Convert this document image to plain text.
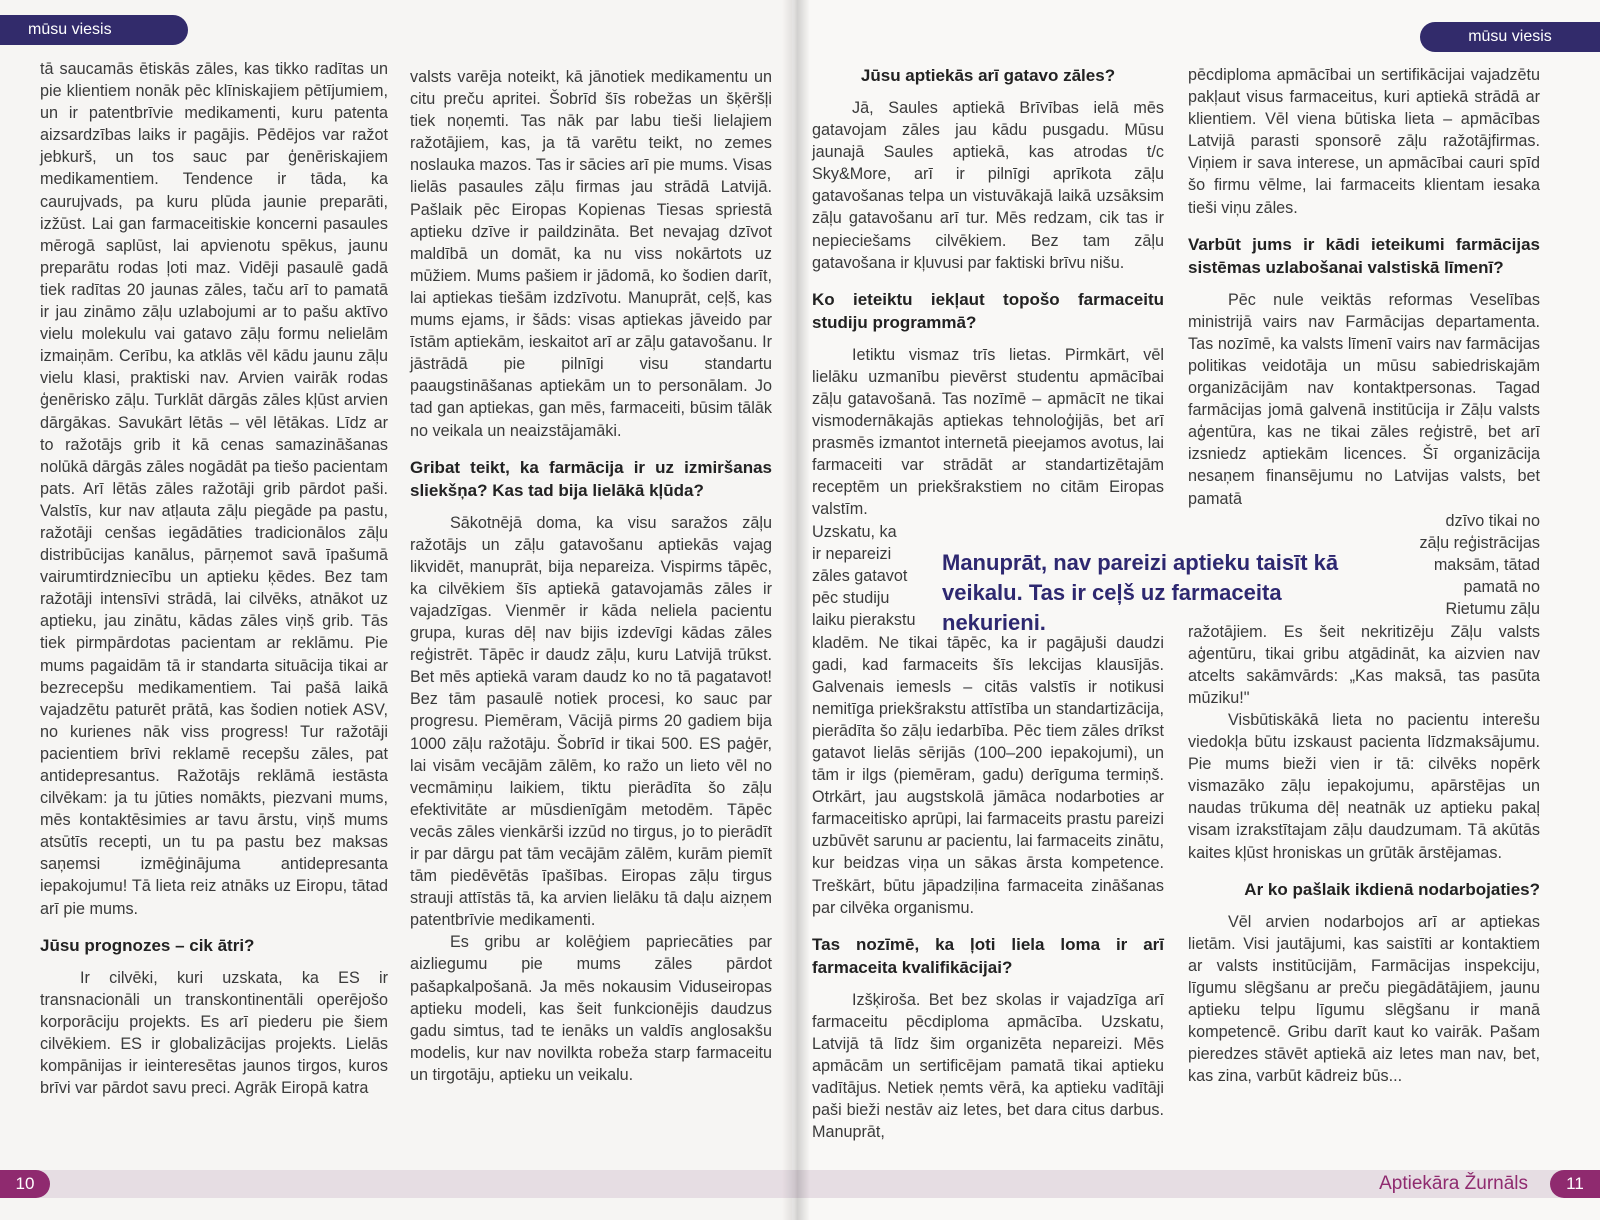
mūsu viesis

tā saucamās ētiskās zāles, kas tikko radītas un pie klientiem nonāk pēc klīniskajiem pētījumiem, un ir patentbrīvie medikamenti, kuru patenta aizsardzības laiks ir pagājis. Pēdējos var ražot jebkurš, un tos sauc par ģenēriskajiem medikamentiem. Tendence ir tāda, ka caurujvads, pa kuru plūda jaunie preparāti, izžūst. Lai gan farmaceitiskie koncerni pasaules mērogā saplūst, lai apvienotu spēkus, jaunu preparātu rodas ļoti maz. Vidēji pasaulē gadā tiek radītas 20 jaunas zāles, taču arī to pamatā ir jau zināmo zāļu uzlabojumi ar to pašu aktīvo vielu molekulu vai gatavo zāļu formu nelielām izmaiņām. Cerību, ka atklās vēl kādu jaunu zāļu vielu klasi, praktiski nav. Arvien vairāk rodas ģenērisko zāļu. Turklāt dārgās zāles kļūst arvien dārgākas. Savukārt lētās – vēl lētākas. Līdz ar to ražotājs grib it kā cenas samazināšanas nolūkā dārgās zāles nogādāt pa tiešo pacientam pats. Arī lētās zāles ražotāji grib pārdot paši. Valstīs, kur nav atļauta zāļu piegāde pa pastu, ražotāji cenšas iegādāties tradicionālos zāļu distribūcijas kanālus, pārņemot savā īpašumā vairumtirdzniecību un aptieku ķēdes. Bez tam ražotāji intensīvi strādā, lai cilvēks, atnākot uz aptieku, jau zinātu, kādas zāles viņš grib. Tās tiek pirmpārdotas pacientam ar reklāmu. Pie mums pagaidām tā ir standarta situācija tikai ar bezrecepšu medikamentiem. Tai pašā laikā vajadzētu paturēt prātā, kas šodien notiek ASV, no kurienes nāk viss progress! Tur ražotāji pacientiem brīvi reklamē recepšu zāles, pat antidepresantus. Ražotājs reklāmā iestāsta cilvēkam: ja tu jūties nomākts, piezvani mums, mēs kontaktēsimies ar tavu ārstu, viņš mums atsūtīs recepti, un tu pa pastu bez maksas saņemsi izmēģinājuma antidepresanta iepakojumu! Tā lieta reiz atnāks uz Eiropu, tātad arī pie mums.

Jūsu prognozes – cik ātri?

Ir cilvēki, kuri uzskata, ka ES ir transnacionāli un transkontinentāli operējošo korporāciju projekts. Es arī piederu pie šiem cilvēkiem. ES ir globalizācijas projekts. Lielās kompānijas ir ieinteresētas jaunos tirgos, kuros brīvi var pārdot savu preci. Agrāk Eiropā katra

valsts varēja noteikt, kā jānotiek medikamentu un citu preču apritei. Šobrīd šīs robežas un šķēršļi tiek noņemti. Tas nāk par labu tieši lielajiem ražotājiem, kas, ja tā varētu teikt, no zemes noslauka mazos. Tas ir sācies arī pie mums. Visas lielās pasaules zāļu firmas jau strādā Latvijā. Pašlaik pēc Eiropas Kopienas Tiesas spriestā aptieku dzīve ir paildzināta. Bet nevajag dzīvot maldībā un domāt, ka nu viss nokārtots uz mūžiem. Mums pašiem ir jādomā, ko šodien darīt, lai aptiekas tiešām izdzīvotu. Manuprāt, ceļš, kas mums ejams, ir šāds: visas aptiekas jāveido par īstām aptiekām, ieskaitot arī ar zāļu gatavošanu. Ir jāstrādā pie pilnīgi visu standartu paaugstināšanas aptiekām un to personālam. Jo tad gan aptiekas, gan mēs, farmaceiti, būsim tālāk no veikala un neaizstājamāki.

Gribat teikt, ka farmācija ir uz izmiršanas sliekšņa? Kas tad bija lielākā kļūda?

Sākotnējā doma, ka visu saražos zāļu ražotājs un zāļu gatavošanu aptiekās vajag likvidēt, manuprāt, bija nepareiza. Vispirms tāpēc, ka cilvēkiem šīs aptiekā gatavojamās zāles ir vajadzīgas. Vienmēr ir kāda neliela pacientu grupa, kuras dēļ nav bijis izdevīgi kādas zāles reģistrēt. Tāpēc ir daudz zāļu, kuru Latvijā trūkst. Bet mēs aptiekā varam daudz ko no tā pagatavot! Bez tām pasaulē notiek procesi, ko sauc par progresu. Piemēram, Vācijā pirms 20 gadiem bija 1000 zāļu ražotāju. Šobrīd ir tikai 500. ES paģēr, lai visām vecājām zālēm, ko ražo un lieto vēl no vecmāmiņu laikiem, tiktu pierādīta šo zāļu efektivitāte ar mūsdienīgām metodēm. Tāpēc vecās zāles vienkārši izzūd no tirgus, jo to pierādīt ir par dārgu pat tām vecājām zālēm, kurām piemīt tām piedēvētās īpašības. Eiropas zāļu tirgus strauji attīstās tā, ka arvien lielāku tā daļu aizņem patentbrīvie medikamenti.

Es gribu ar kolēģiem papriecāties par aizliegumu pie mums zāles pārdot pašapkalpošanā. Ja mēs nokausim Viduseiropas aptieku modeli, kas šeit funkcionējis daudzus gadu simtus, tad te ienāks un valdīs anglosakšu modelis, kur nav novilkta robeža starp farmaceitu un tirgotāju, aptieku un veikalu.

10
mūsu viesis
Jūsu aptiekās arī gatavo zāles?

Jā, Saules aptiekā Brīvības ielā mēs gatavojam zāles jau kādu pusgadu. Mūsu jaunajā Saules aptiekā, kas atrodas t/c Sky&More, arī ir pilnīgi aprīkota zāļu gatavošanas telpa un vistuvākajā laikā uzsāksim zāļu gatavošanu arī tur. Mēs redzam, cik tas ir nepieciešams cilvēkiem. Bez tam zāļu gatavošana ir kļuvusi par faktiski brīvu nišu.

Ko ieteiktu iekļaut topošo farmaceitu studiju programmā?

Ietiktu vismaz trīs lietas. Pirmkārt, vēl lielāku uzmanību pievērst studentu apmācībai zāļu gatavošanā. Tas nozīmē – apmācīt ne tikai vismodernākajās aptiekas tehnoloģijās, bet arī prasmēs izmantot internetā pieejamos avotus, lai farmaceiti var strādāt ar standartizētajām receptēm un priekšrakstiem no citām Eiropas valstīm.

Uzskatu, ka
ir nepareizi
zāles gatavot
pēc studiju
laiku pierakstu

kladēm. Ne tikai tāpēc, ka ir pagājuši daudzi gadi, kad farmaceits šīs lekcijas klausījās. Galvenais iemesls – citās valstīs ir notikusi nemitīga priekšrakstu attīstība un standartizācija, pierādīta šo zāļu iedarbība. Pēc tiem zāles drīkst gatavot lielās sērijās (100–200 iepakojumi), un tām ir ilgs (piemēram, gadu) derīguma termiņš. Otrkārt, jau augstskolā jāmāca nodarboties ar farmaceitisko aprūpi, lai farmaceits prastu pareizi uzbūvēt sarunu ar pacientu, lai farmaceits zinātu, kur beidzas viņa un sākas ārsta kompetence. Treškārt, būtu jāpadziļina farmaceita zināšanas par cilvēka organismu.

Tas nozīmē, ka ļoti liela loma ir arī farmaceita kvalifikācijai?

Izšķiroša. Bet bez skolas ir vajadzīga arī farmaceitu pēcdiploma apmācība. Uzskatu, Latvijā tā līdz šim organizēta nepareizi. Mēs apmācām un sertificējam pamatā tikai aptieku vadītājus. Netiek ņemts vērā, ka aptieku vadītāji paši bieži nestāv aiz letes, bet dara citus darbus. Manuprāt,

pēcdiploma apmācībai un sertifikācijai vajadzētu pakļaut visus farmaceitus, kuri aptiekā strādā ar klientiem. Vēl viena būtiska lieta – apmācības Latvijā parasti sponsorē zāļu ražotājfirmas. Viņiem ir sava interese, un apmācībai cauri spīd šo firmu vēlme, lai farmaceits klientam iesaka tieši viņu zāles.

Varbūt jums ir kādi ieteikumi farmācijas sistēmas uzlabošanai valstiskā līmenī?

Pēc nule veiktās reformas Veselības ministrijā vairs nav Farmācijas departamenta. Tas nozīmē, ka valsts līmenī vairs nav farmācijas politikas veidotāja un mūsu sabiedriskajām organizācijām nav kontaktpersonas. Tagad farmācijas jomā galvenā institūcija ir Zāļu valsts aģentūra, kas ne tikai zāles reģistrē, bet arī izsniedz aptiekām licences. Šī organizācija nesaņem finansējumu no Latvijas valsts, bet pamatā

dzīvo tikai no
zāļu reģistrācijas
maksām, tātad
pamatā no
Rietumu zāļu

ražotājiem. Es šeit nekritizēju Zāļu valsts aģentūru, tikai gribu atgādināt, ka aizvien nav atcelts sakāmvārds: „Kas maksā, tas pasūta mūziku!"

Visbūtiskākā lieta no pacientu interešu viedokļa būtu izskaust pacienta līdzmaksājumu. Pie mums bieži vien ir tā: cilvēks nopērk vismazāko zāļu iepakojumu, apārstējas un naudas trūkuma dēļ neatnāk uz aptieku pakaļ visam izrakstītajam zāļu daudzumam. Tā akūtās kaites kļūst hroniskas un grūtāk ārstējamas.

Ar ko pašlaik ikdienā nodarbojaties?

Vēl arvien nodarbojos arī ar aptiekas lietām. Visi jautājumi, kas saistīti ar kontaktiem ar valsts institūcijām, Farmācijas inspekciju, līgumu slēgšanu ar preču piegādātājiem, jaunu aptieku telpu līgumu slēgšanu ir manā kompetencē. Gribu darīt kaut ko vairāk. Pašam pieredzes stāvēt aptiekā aiz letes man nav, bet, kas zina, varbūt kādreiz būs...

Manuprāt, nav pareizi aptieku taisīt kā veikalu. Tas ir ceļš uz farmaceita nekurieni.
Aptiekāra Žurnāls	11
